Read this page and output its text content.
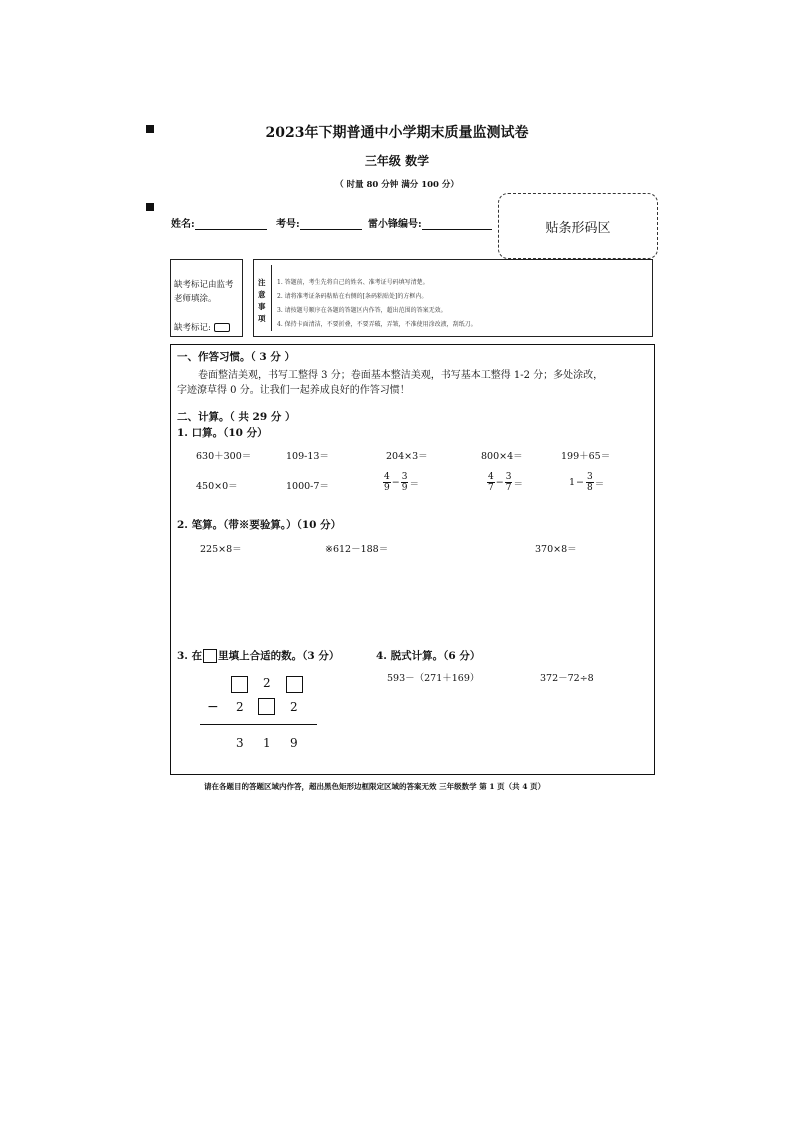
2023年下期普通中小学期末质量监测试卷
三年级 数学
（ 时量 80 分钟 满分 100 分）
姓名:	考号:	雷小锋编号:	贴条形码区
缺考标记由监考
老师填涂。
缺考标记:
注
意
事
项
1. 答题前，考生先将自己的姓名、准考证号码填写清楚。
2. 请将准考证条码粘贴在右侧的[条码粘贴处]的方框内。
3. 请按题号顺序在各题的答题区内作答，超出范围的答案无效。
4. 保持卡面清洁，不要折叠，不要弄破，弄皱，不准使用涂改液，刮纸刀。
一、作答习惯。（ 3 分 ）
卷面整洁美观，书写工整得 3 分；卷面基本整洁美观，书写基本工整得 1-2 分；多处涂改，
字迹潦草得 0 分。让我们一起养成良好的作答习惯！
二、计算。（ 共 29 分 ）
1. 口算。（10 分）
630＋300＝	109-13＝	204×3＝	800×4＝	199＋65＝
450×0＝	1000-7＝	$\frac{4}{9} - \frac{3}{9}$ ＝	$\frac{4}{7} - \frac{3}{7}$ ＝	$1 - \frac{3}{8}$ ＝
2. 笔算。（带※要验算。）（10 分）
225×8＝	※612－188＝	370×8＝
3. 在 里填上合适的数。（3 分）
2
− 2	2
3 1 9
4. 脱式计算。（6 分）
593－（271＋169）	372－72÷8
请在各题目的答题区域内作答，超出黑色矩形边框限定区域的答案无效 三年级数学 第 1 页（共 4 页）
